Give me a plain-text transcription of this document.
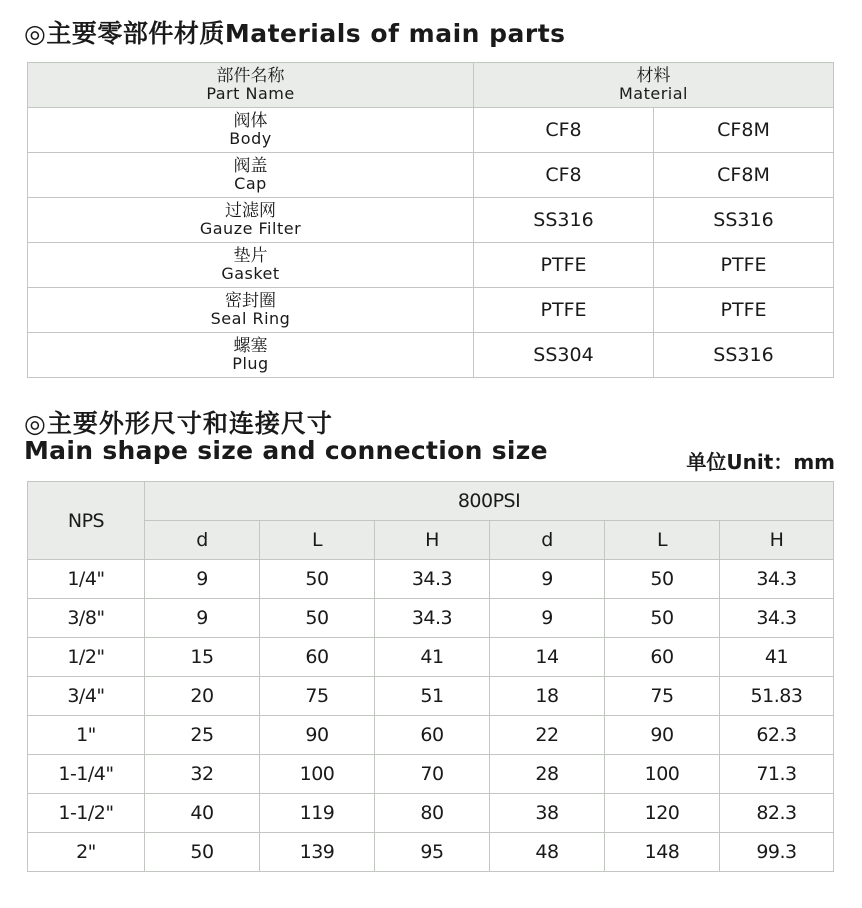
◎主要零部件材质Materials of main parts
部件名称
Part Name	材料
Material	

阀体
Body	CF8	CF8M

阀盖
Cap	CF8	CF8M

过滤网
Gauze Filter	SS316	SS316

垫片
Gasket	PTFE	PTFE

密封圈
Seal Ring	PTFE	PTFE

螺塞
Plug	SS304	SS316
◎主要外形尺寸和连接尺寸
Main shape size and connection size	单位Unit：mm
NPS	800PSI					
	d	L	H	d	L	H
1/4"	9	50	34.3	9	50	34.3
3/8"	9	50	34.3	9	50	34.3
1/2"	15	60	41	14	60	41
3/4"	20	75	51	18	75	51.83
1"	25	90	60	22	90	62.3
1-1/4"	32	100	70	28	100	71.3
1-1/2"	40	119	80	38	120	82.3
2"	50	139	95	48	148	99.3
